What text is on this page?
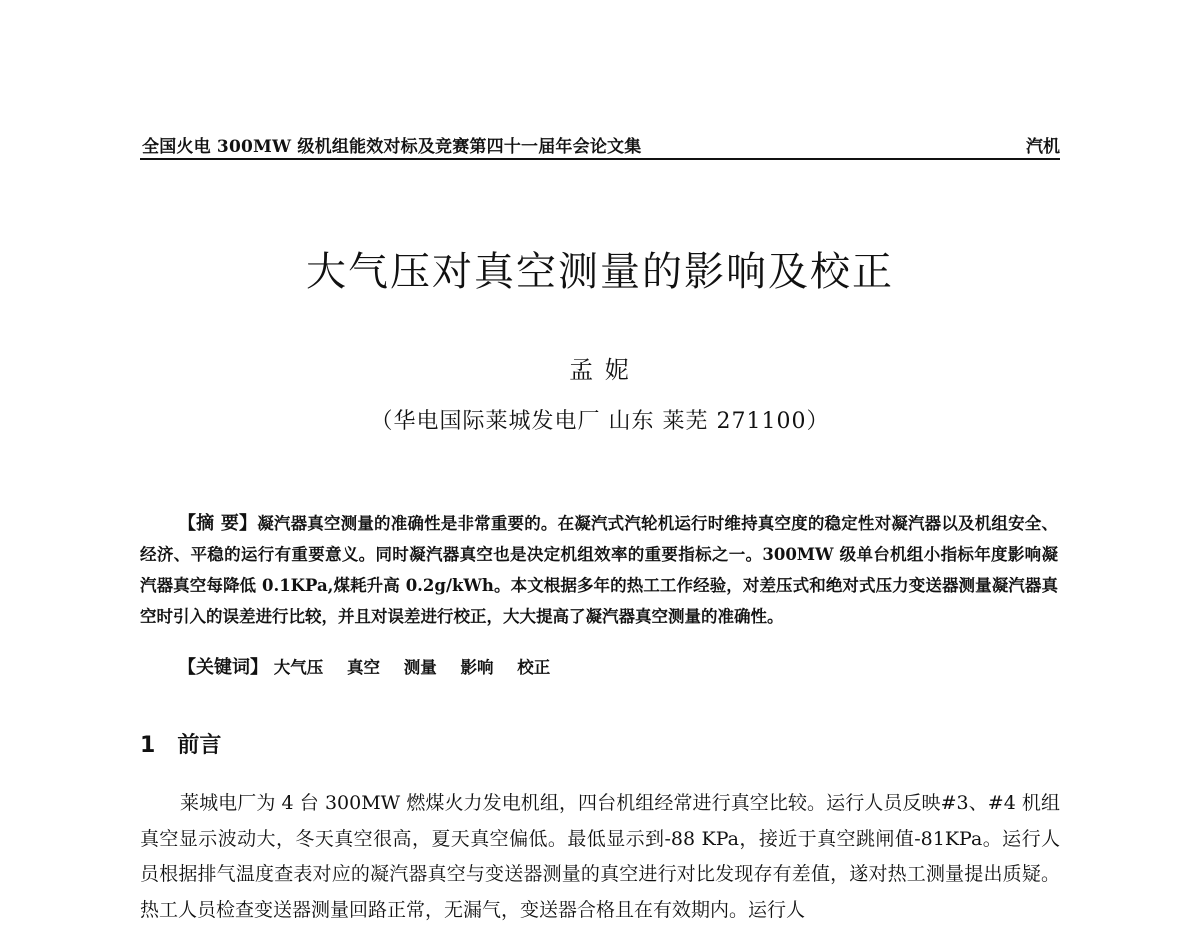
全国火电 300MW 级机组能效对标及竞赛第四十一届年会论文集	汽机
大气压对真空测量的影响及校正
孟 妮
（华电国际莱城发电厂 山东 莱芜 271100）

【摘 要】凝汽器真空测量的准确性是非常重要的。在凝汽式汽轮机运行时维持真空度的稳定性对凝汽器以及机组安全、经济、平稳的运行有重要意义。同时凝汽器真空也是决定机组效率的重要指标之一。300MW 级单台机组小指标年度影响凝汽器真空每降低 0.1KPa,煤耗升高 0.2g/kWh。本文根据多年的热工工作经验，对差压式和绝对式压力变送器测量凝汽器真空时引入的误差进行比较，并且对误差进行校正，大大提高了凝汽器真空测量的准确性。

【关键词】 大气压 真空 测量 影响 校正
1 前言

莱城电厂为 4 台 300MW 燃煤火力发电机组，四台机组经常进行真空比较。运行人员反映#3、#4 机组真空显示波动大，冬天真空很高，夏天真空偏低。最低显示到-88 KPa，接近于真空跳闸值-81KPa。运行人员根据排气温度查表对应的凝汽器真空与变送器测量的真空进行对比发现存有差值，遂对热工测量提出质疑。热工人员检查变送器测量回路正常，无漏气，变送器合格且在有效期内。运行人
